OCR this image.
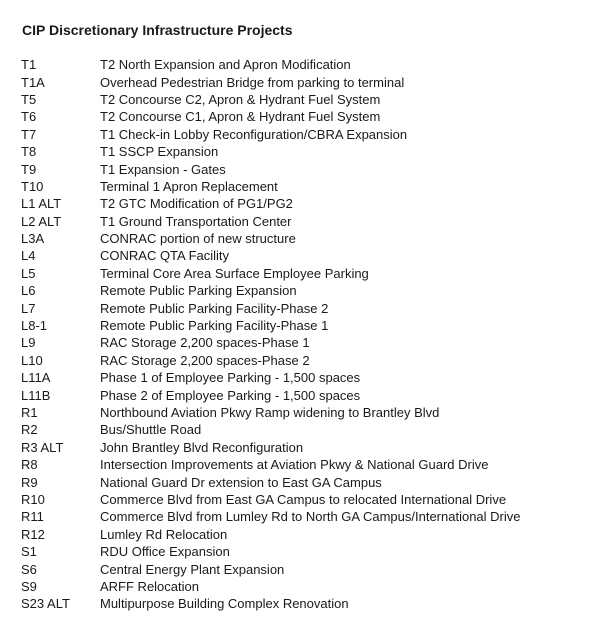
CIP Discretionary Infrastructure Projects
T1	T2 North Expansion and Apron Modification
T1A	Overhead Pedestrian Bridge from parking to terminal
T5	T2 Concourse C2, Apron & Hydrant Fuel System
T6	T2 Concourse C1, Apron & Hydrant Fuel System
T7	T1 Check-in Lobby Reconfiguration/CBRA Expansion
T8	T1 SSCP Expansion
T9	T1 Expansion - Gates
T10	Terminal 1 Apron Replacement
L1 ALT	T2 GTC Modification of PG1/PG2
L2 ALT	T1 Ground Transportation Center
L3A	CONRAC portion of new structure
L4	CONRAC QTA Facility
L5	Terminal Core Area Surface Employee Parking
L6	Remote Public Parking Expansion
L7	Remote Public Parking Facility-Phase 2
L8-1	Remote Public Parking Facility-Phase 1
L9	RAC Storage 2,200 spaces-Phase 1
L10	RAC Storage 2,200 spaces-Phase 2
L11A	Phase 1 of Employee Parking - 1,500 spaces
L11B	Phase 2 of Employee Parking - 1,500 spaces
R1	Northbound Aviation Pkwy Ramp widening to Brantley Blvd
R2	Bus/Shuttle Road
R3 ALT	John Brantley Blvd Reconfiguration
R8	Intersection Improvements at Aviation Pkwy & National Guard Drive
R9	National Guard Dr extension to East GA Campus
R10	Commerce Blvd from East GA Campus to relocated International Drive
R11	Commerce Blvd from Lumley Rd to North GA Campus/International Drive
R12	Lumley Rd Relocation
S1	RDU Office Expansion
S6	Central Energy Plant Expansion
S9	ARFF Relocation
S23 ALT	Multipurpose Building Complex Renovation
